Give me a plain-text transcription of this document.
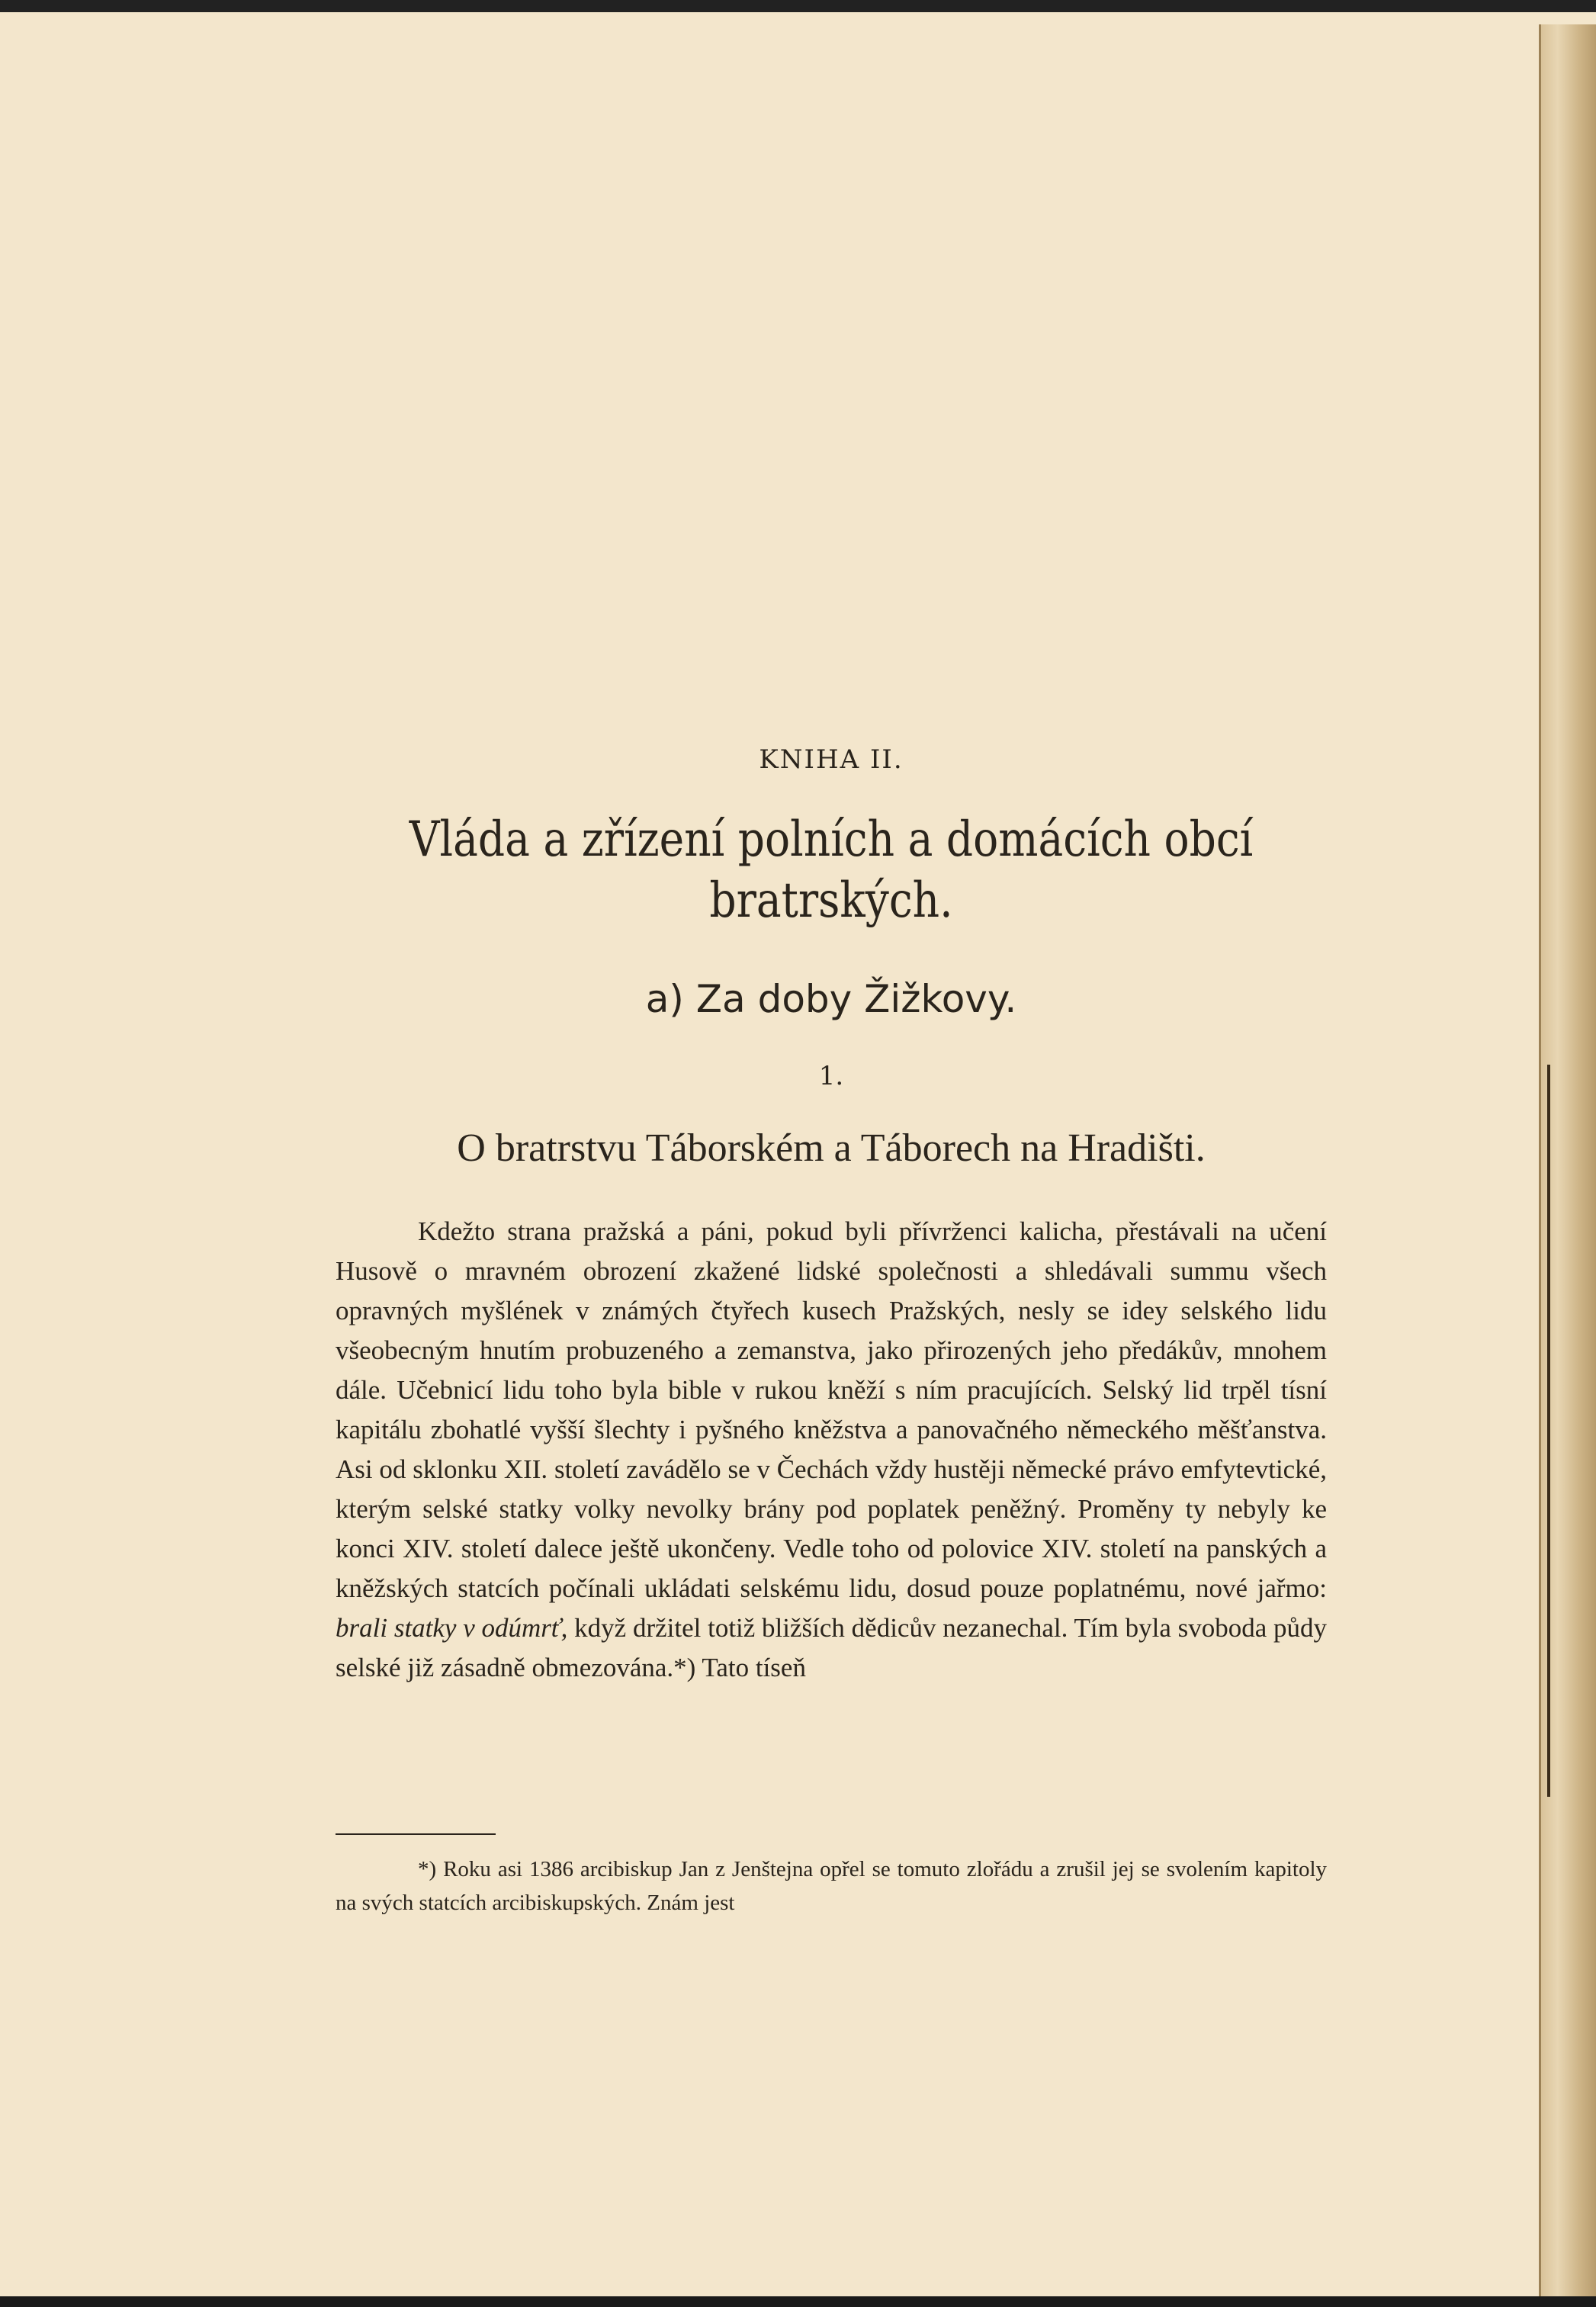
KNIHA II.
Vláda a zřízení polních a domácích obcí
bratrských.
a) Za doby Žižkovy.
1.
O bratrstvu Táborském a Táborech na Hradišti.

Kdežto strana pražská a páni, pokud byli přívrženci kalicha, přestávali na učení Husově o mravném obrození zkažené lidské společnosti a shledávali summu všech opravných myšlének v známých čtyřech kusech Pražských, nesly se idey selského lidu všeobecným hnutím probuzeného a zemanstva, jako přirozených jeho předákův, mnohem dále. Učebnicí lidu toho byla bible v rukou kněží s ním pracujících. Selský lid trpěl tísní kapitálu zbohatlé vyšší šlechty i pyšného kněžstva a panovačného německého měšťanstva. Asi od sklonku XII. století zavádělo se v Čechách vždy hustěji německé právo emfytevtické, kterým selské statky volky nevolky brány pod poplatek peněžný. Proměny ty nebyly ke konci XIV. století dalece ještě ukončeny. Vedle toho od polovice XIV. století na panských a kněžských statcích počínali ukládati selskému lidu, dosud pouze poplatnému, nové jařmo: brali statky v odúmrť, když držitel totiž bližších dědicův nezanechal. Tím byla svoboda půdy selské již zásadně obmezována.*) Tato tíseň

*) Roku asi 1386 arcibiskup Jan z Jenštejna opřel se tomuto zlořádu a zrušil jej se svolením kapitoly na svých statcích arcibiskupských. Znám jest
